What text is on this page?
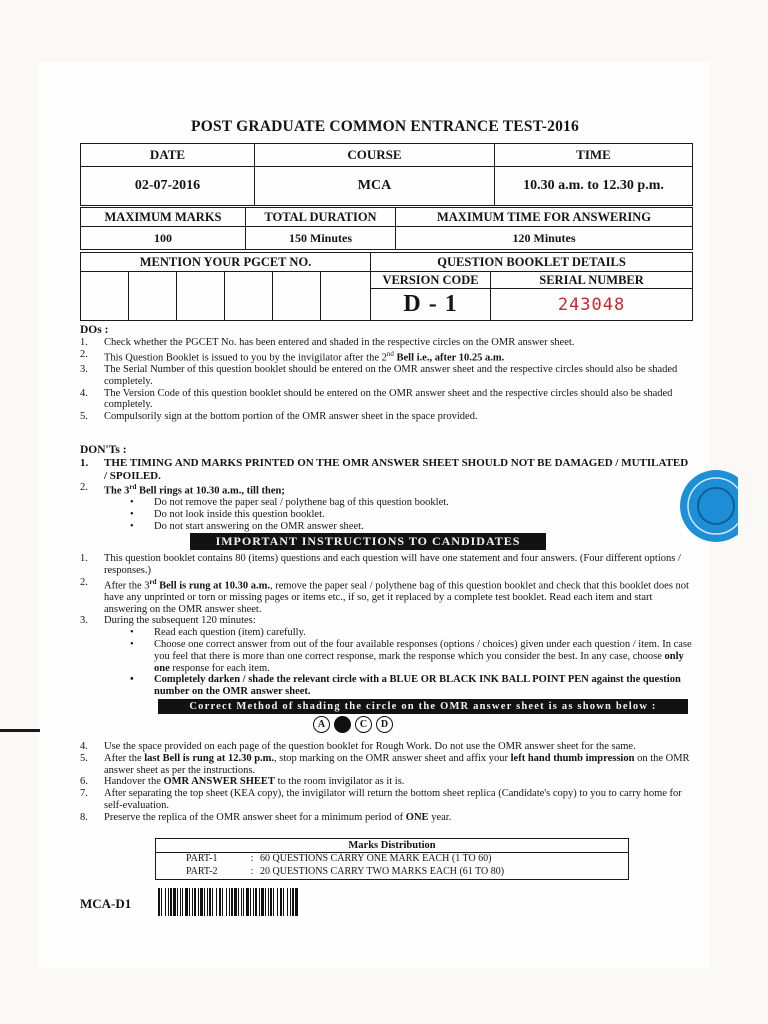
POST GRADUATE COMMON ENTRANCE TEST-2016
DATE	COURSE	TIME
02-07-2016	MCA	10.30 a.m. to 12.30 p.m.
MAXIMUM MARKS	TOTAL DURATION	MAXIMUM TIME FOR ANSWERING
100	150 Minutes	120 Minutes
MENTION YOUR PGCET NO.						QUESTION BOOKLET DETAILS	
						VERSION CODE	SERIAL NUMBER
						D - 1	243048
DOs :
1. Check whether the PGCET No. has been entered and shaded in the respective circles on the OMR answer sheet.
2. This Question Booklet is issued to you by the invigilator after the 2nd Bell i.e., after 10.25 a.m.
3. The Serial Number of this question booklet should be entered on the OMR answer sheet and the respective circles should also be shaded completely.
4. The Version Code of this question booklet should be entered on the OMR answer sheet and the respective circles should also be shaded completely.
5. Compulsorily sign at the bottom portion of the OMR answer sheet in the space provided.
DON'Ts :
1. THE TIMING AND MARKS PRINTED ON THE OMR ANSWER SHEET SHOULD NOT BE DAMAGED / MUTILATED / SPOILED.
2. The 3rd Bell rings at 10.30 a.m., till then;
• Do not remove the paper seal / polythene bag of this question booklet.
• Do not look inside this question booklet.
• Do not start answering on the OMR answer sheet.
IMPORTANT INSTRUCTIONS TO CANDIDATES
1. This question booklet contains 80 (items) questions and each question will have one statement and four answers. (Four different options / responses.)
2. After the 3rd Bell is rung at 10.30 a.m., remove the paper seal / polythene bag of this question booklet and check that this booklet does not have any unprinted or torn or missing pages or items etc., if so, get it replaced by a complete test booklet. Read each item and start answering on the OMR answer sheet.
3. During the subsequent 120 minutes:
• Read each question (item) carefully.
• Choose one correct answer from out of the four available responses (options / choices) given under each question / item. In case you feel that there is more than one correct response, mark the response which you consider the best. In any case, choose only one response for each item.
• Completely darken / shade the relevant circle with a BLUE OR BLACK INK BALL POINT PEN against the question number on the OMR answer sheet.
Correct Method of shading the circle on the OMR answer sheet is as shown below :
A	C	D
4. Use the space provided on each page of the question booklet for Rough Work. Do not use the OMR answer sheet for the same.
5. After the last Bell is rung at 12.30 p.m., stop marking on the OMR answer sheet and affix your left hand thumb impression on the OMR answer sheet as per the instructions.
6. Handover the OMR ANSWER SHEET to the room invigilator as it is.
7. After separating the top sheet (KEA copy), the invigilator will return the bottom sheet replica (Candidate's copy) to you to carry home for self-evaluation.
8. Preserve the replica of the OMR answer sheet for a minimum period of ONE year.
Marks Distribution
PART-1	: 60 QUESTIONS CARRY ONE MARK EACH (1 TO 60)
PART-2	: 20 QUESTIONS CARRY TWO MARKS EACH (61 TO 80)
MCA-D1
